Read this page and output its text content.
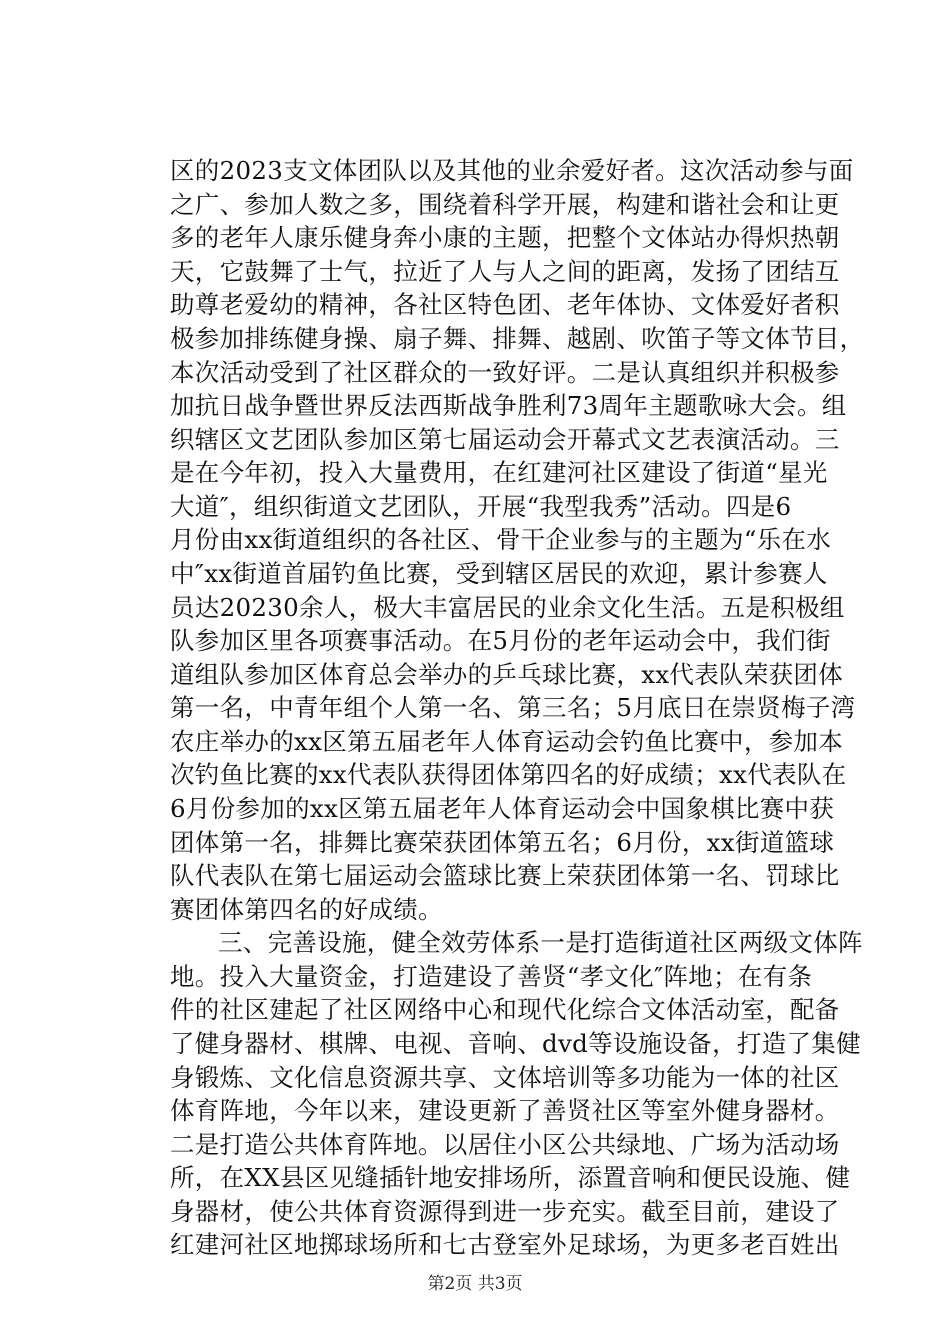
区的2023支文体团队以及其他的业余爱好者。这次活动参与面
之广、参加人数之多，围绕着科学开展，构建和谐社会和让更
多的老年人康乐健身奔小康的主题，把整个文体站办得炽热朝
天，它鼓舞了士气，拉近了人与人之间的距离，发扬了团结互
助尊老爱幼的精神，各社区特色团、老年体协、文体爱好者积
极参加排练健身操、扇子舞、排舞、越剧、吹笛子等文体节目，
本次活动受到了社区群众的一致好评。二是认真组织并积极参
加抗日战争暨世界反法西斯战争胜利73周年主题歌咏大会。组
织辖区文艺团队参加区第七届运动会开幕式文艺表演活动。三
是在今年初，投入大量费用，在红建河社区建设了街道“星光
大道″，组织街道文艺团队，开展“我型我秀”活动。四是6
月份由xx街道组织的各社区、骨干企业参与的主题为“乐在水
中″xx街道首届钓鱼比赛，受到辖区居民的欢迎，累计参赛人
员达20230余人，极大丰富居民的业余文化生活。五是积极组
队参加区里各项赛事活动。在5月份的老年运动会中，我们街
道组队参加区体育总会举办的乒乓球比赛，xx代表队荣获团体
第一名，中青年组个人第一名、第三名；5月底日在崇贤梅子湾
农庄举办的xx区第五届老年人体育运动会钓鱼比赛中，参加本
次钓鱼比赛的xx代表队获得团体第四名的好成绩；xx代表队在
6月份参加的xx区第五届老年人体育运动会中国象棋比赛中获
团体第一名，排舞比赛荣获团体第五名；6月份，xx街道篮球
队代表队在第七届运动会篮球比赛上荣获团体第一名、罚球比
赛团体第四名的好成绩。
三、完善设施，健全效劳体系一是打造街道社区两级文体阵
地。投入大量资金，打造建设了善贤“孝文化″阵地；在有条
件的社区建起了社区网络中心和现代化综合文体活动室，配备
了健身器材、棋牌、电视、音响、dvd等设施设备，打造了集健
身锻炼、文化信息资源共享、文体培训等多功能为一体的社区
体育阵地，今年以来，建设更新了善贤社区等室外健身器材。
二是打造公共体育阵地。以居住小区公共绿地、广场为活动场
所，在XX县区见缝插针地安排场所，添置音响和便民设施、健
身器材，使公共体育资源得到进一步充实。截至目前，建设了
红建河社区地掷球场所和七古登室外足球场，为更多老百姓出
第2页 共3页
